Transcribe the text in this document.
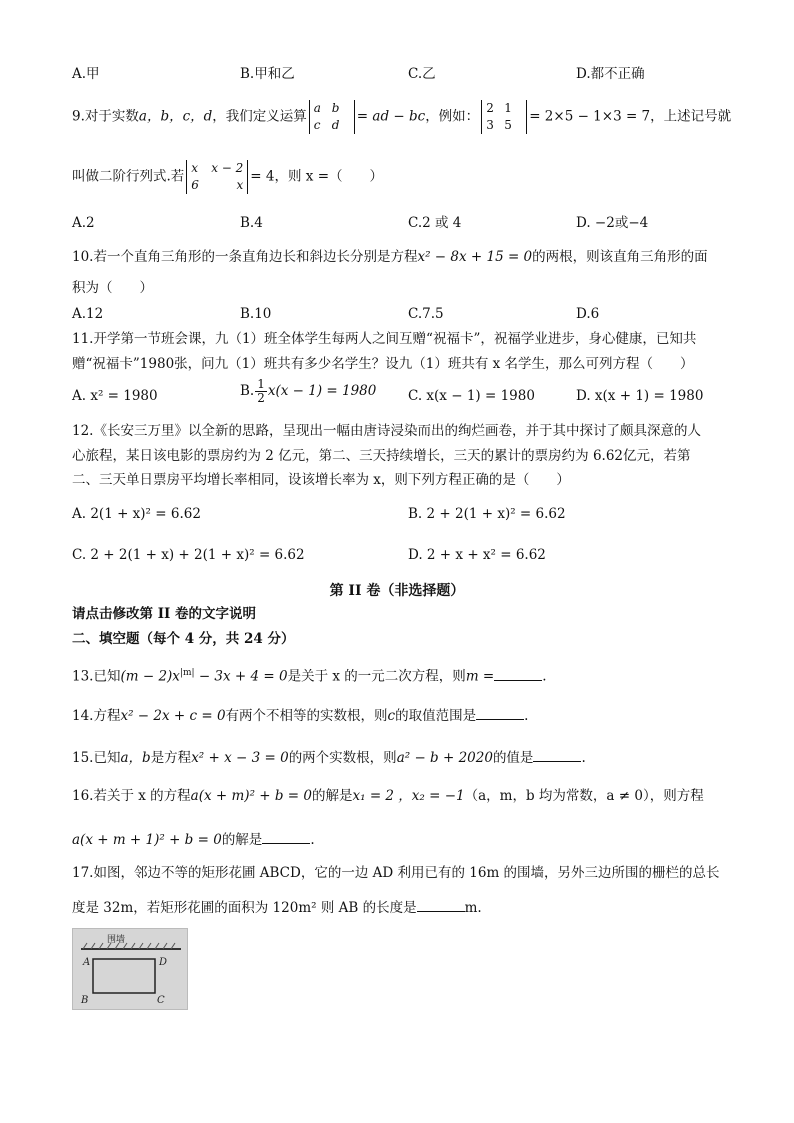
A.甲	B.甲和乙	C.乙	D.都不正确
9.对于实数a，b，c，d，我们定义运算
a b
c d
= ad − bc，例如：
2 1
3 5
= 2×5 − 1×3 = 7，上述记号就
叫做二阶行列式.若
x x − 2
6	x
= 4，则 x =（　　）
A.2	B.4	C.2 或 4	D. −2或−4
10.若一个直角三角形的一条直角边长和斜边长分别是方程x² − 8x + 15 = 0的两根，则该直角三角形的面
积为（　　）
A.12	B.10	C.7.5	D.6
11.开学第一节班会课，九（1）班全体学生每两人之间互赠“祝福卡”，祝福学业进步，身心健康，已知共
赠“祝福卡”1980张，问九（1）班共有多少名学生？设九（1）班共有 x 名学生，那么可列方程（　　）
A. x² = 1980	B. $\frac{1}{2} x(x - 1) = 1980$ C. x(x − 1) = 1980	D. x(x + 1) = 1980
12.《长安三万里》以全新的思路，呈现出一幅由唐诗浸染而出的绚烂画卷，并于其中探讨了颇具深意的人
心旅程，某日该电影的票房约为 2 亿元，第二、三天持续增长，三天的累计的票房约为 6.62亿元，若第
二、三天单日票房平均增长率相同，设该增长率为 x，则下列方程正确的是（　　）
A. 2(1 + x)² = 6.62	B. 2 + 2(1 + x)² = 6.62
C. 2 + 2(1 + x) + 2(1 + x)² = 6.62	D. 2 + x + x² = 6.62
第 II 卷（非选择题）
请点击修改第 II 卷的文字说明
二、填空题（每个 4 分，共 24 分）
13.已知$(m - 2)x^{|m|} - 3x + 4 = 0$是关于 x 的一元二次方程，则m =	.
14.方程x² − 2x + c = 0有两个不相等的实数根，则c的取值范围是	.
15.已知a，b是方程x² + x − 3 = 0的两个实数根，则a² − b + 2020的值是	.
16.若关于 x 的方程a(x + m)² + b = 0的解是x₁ = 2 ，x₂ = −1（a，m，b 均为常数，a ≠ 0），则方程
a(x + m + 1)² + b = 0的解是	.
17.如图，邻边不等的矩形花圃 ABCD，它的一边 AD 利用已有的 16m 的围墙，另外三边所围的栅栏的总长
度是 32m，若矩形花圃的面积为 120m² 则 AB 的长度是	m.
围墙
A	D
B	C
